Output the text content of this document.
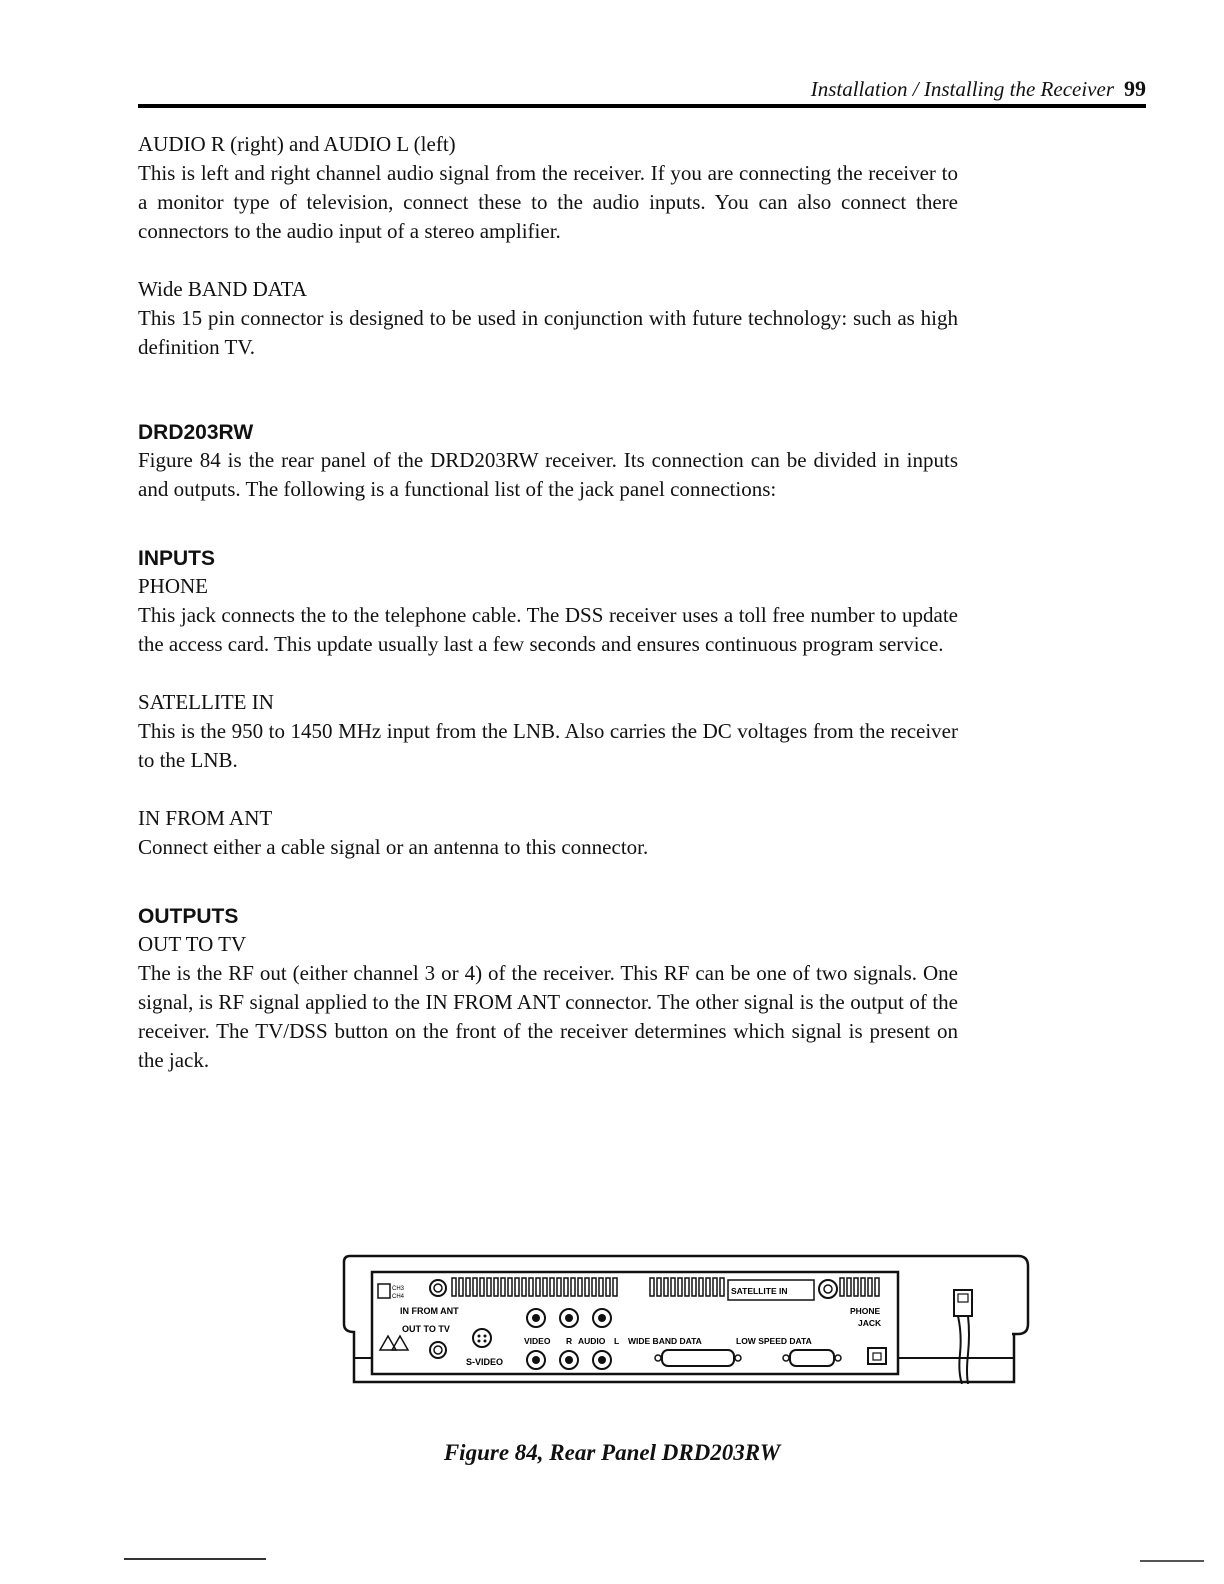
Installation / Installing the Receiver 99

AUDIO R (right) and AUDIO L (left)

This is left and right channel audio signal from the receiver. If you are connecting the receiver to a monitor type of television, connect these to the audio inputs. You can also connect there connectors to the audio input of a stereo amplifier.

Wide BAND DATA

This 15 pin connector is designed to be used in conjunction with future technology: such as high definition TV.

DRD203RW

Figure 84 is the rear panel of the DRD203RW receiver. Its connection can be divided in inputs and outputs. The following is a functional list of the jack panel connections:

INPUTS

PHONE

This jack connects the to the telephone cable. The DSS receiver uses a toll free number to update the access card. This update usually last a few seconds and ensures continuous program service.

SATELLITE IN

This is the 950 to 1450 MHz input from the LNB. Also carries the DC voltages from the receiver to the LNB.

IN FROM ANT

Connect either a cable signal or an antenna to this connector.

OUTPUTS

OUT TO TV

The is the RF out (either channel 3 or 4) of the receiver. This RF can be one of two signals. One signal, is RF signal applied to the IN FROM ANT connector. The other signal is the output of the receiver. The TV/DSS button on the front of the receiver determines which signal is present on the jack.

CH3
CH4
IN FROM ANT
SATELLITE IN
PHONE
JACK
OUT TO TV
S-VIDEO
VIDEO R AUDIO L WIDE BAND DATA	LOW SPEED DATA
Figure 84, Rear Panel DRD203RW
